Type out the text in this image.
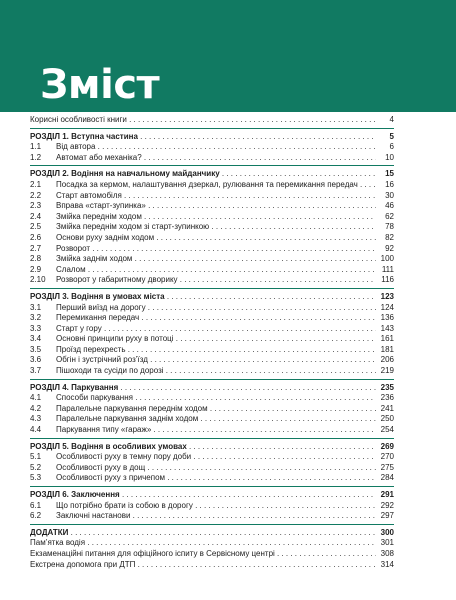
Зміст
Корисні особливості книги . . .	4
РОЗДІЛ 1. Вступна частина . . .	5
1.1 Від автора . . .	6
1.2 Автомат або механіка? . . .	10
РОЗДІЛ 2. Водіння на навчальному майданчику . . .	15
2.1 Посадка за кермом, налаштування дзеркал, рулювання та перемикання передач . . .	16
2.2 Старт автомобіля . . .	30
2.3 Вправа «старт-зупинка» . . .	46
2.4 Змійка переднім ходом . . .	62
2.5 Змійка переднім ходом зі старт-зупинкою . . .	78
2.6 Основи руху заднім ходом . . .	82
2.7 Розворот . . .	92
2.8 Змійка заднім ходом . . .	100
2.9 Слалом . . .	111
2.10 Розворот у габаритному дворику . . .	116
РОЗДІЛ 3. Водіння в умовах міста . . .	123
3.1 Перший виїзд на дорогу . . .	124
3.2 Перемикання передач . . .	136
3.3 Старт у гору . . .	143
3.4 Основні принципи руху в потоці . . .	161
3.5 Проїзд перехресть . . .	181
3.6 Обгін і зустрічний роз’їзд . . .	206
3.7 Пішоходи та сусіди по дорозі . . .	219
РОЗДІЛ 4. Паркування . . .	235
4.1 Способи паркування . . .	236
4.2 Паралельне паркування переднім ходом . . .	241
4.3 Паралельне паркування заднім ходом . . .	250
4.4 Паркування типу «гараж» . . .	254
РОЗДІЛ 5. Водіння в особливих умовах . . .	269
5.1 Особливості руху в темну пору доби . . .	270
5.2 Особливості руху в дощ . . .	275
5.3 Особливості руху з причепом . . .	284
РОЗДІЛ 6. Заключення . . .	291
6.1 Що потрібно брати із собою в дорогу . . .	292
6.2 Заключні настанови . . .	297
ДОДАТКИ . . .	300
Пам’ятка водія . . .	301
Екзаменаційні питання для офіційного іспиту в Сервісному центрі . . .	308
Екстрена допомога при ДТП . . .	314
